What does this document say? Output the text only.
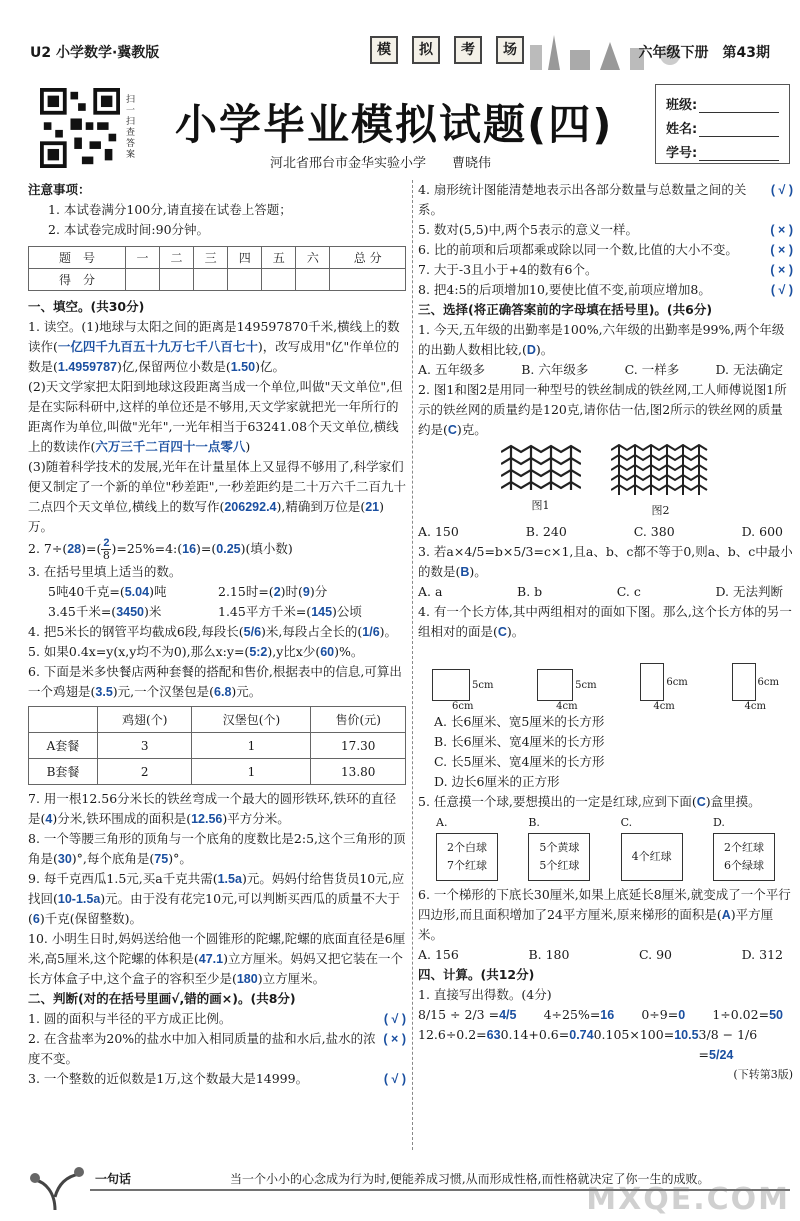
U2 小学数学·冀教版	模	拟	考	场	六年级下册　第43期
扫一扫 查答案
小学毕业模拟试题(四)
河北省邢台市金华实验小学　　曹晓伟
班级:
姓名:
学号:

注意事项：

1. 本试卷满分100分,请直接在试卷上答题；

2. 本试卷完成时间:90分钟。

题　号	一	二	三	四	五	六	总 分
得　分							

一、填空。(共30分)

1. 读空。(1)地球与太阳之间的距离是149597870千米,横线上的数读作(一亿四千九百五十九万七千八百七十)，改写成用"亿"作单位的数是(1.4959787)亿,保留两位小数是(1.50)亿。

(2)天文学家把太阳到地球这段距离当成一个单位,叫做"天文单位",但是在实际科研中,这样的单位还是不够用,天文学家就把光一年所行的距离作为单位,叫做"光年",一光年相当于63241.08个天文单位,横线上的数读作(六万三千二百四十一点零八)

(3)随着科学技术的发展,光年在计量星体上又显得不够用了,科学家们便又制定了一个新的单位"秒差距",一秒差距约是二十万六千二百九十二点四个天文单位,横线上的数写作(206292.4),精确到万位是(21)万。

2. $7\div(28)=( \frac{2}{8}$ )=25%=4:(16)=(0.25)(填小数)

3. 在括号里填上适当的数。

5吨40千克=(5.04)吨	2.15时=(2)时(9)分

3.45千米=(3450)米	1.45平方千米=(145)公顷

4. 把5米长的钢管平均截成6段,每段长(5/6)米,每段占全长的(1/6)。

5. 如果0.4x=y(x,y均不为0),那么x:y=(5:2),y比x少(60)%。

6. 下面是米多快餐店两种套餐的搭配和售价,根据表中的信息,可算出一个鸡翅是(3.5)元,一个汉堡包是(6.8)元。

	鸡翅(个)	汉堡包(个)	售价(元)
A套餐	3	1	17.30
B套餐	2	1	13.80

7. 用一根12.56分米长的铁丝弯成一个最大的圆形铁环,铁环的直径是(4)分米,铁环围成的面积是(12.56)平方分米。

8. 一个等腰三角形的顶角与一个底角的度数比是2:5,这个三角形的顶角是(30)°,每个底角是(75)°。

9. 每千克西瓜1.5元,买a千克共需(1.5a)元。妈妈付给售货员10元,应找回(10-1.5a)元。由于没有花完10元,可以判断买西瓜的质量不大于(6)千克(保留整数)。

10. 小明生日时,妈妈送给他一个圆锥形的陀螺,陀螺的底面直径是6厘米,高5厘米,这个陀螺的体积是(47.1)立方厘米。妈妈又把它装在一个长方体盒子中,这个盒子的容积至少是(180)立方厘米。

二、判断(对的在括号里画√,错的画×)。(共8分)

1. 圆的面积与半径的平方成正比例。	( √ )

2. 在含盐率为20%的盐水中加入相同质量的盐和水后,盐水的浓度不变。
( × )

3. 一个整数的近似数是1万,这个数最大是14999。	( √ )

4. 扇形统计图能清楚地表示出各部分数量与总数量之间的关系。
( √ )

5. 数对(5,5)中,两个5表示的意义一样。	( × )

6. 比的前项和后项都乘或除以同一个数,比值的大小不变。	( × )

7. 大于-3且小于+4的数有6个。	( × )

8. 把4:5的后项增加10,要使比值不变,前项应增加8。	( √ )

三、选择(将正确答案前的字母填在括号里)。(共6分)

1. 今天,五年级的出勤率是100%,六年级的出勤率是99%,两个年级的出勤人数相比较,(D)。

A. 五年级多	B. 六年级多	C. 一样多	D. 无法确定

2. 图1和图2是用同一种型号的铁丝制成的铁丝网,工人师傅说图1所示的铁丝网的质量约是120克,请你估一估,图2所示的铁丝网的质量约是(C)克。

图1	图2

A. 150	B. 240	C. 380	D. 600

3. 若a×4/5=b×5/3=c×1,且a、b、c都不等于0,则a、b、c中最小的数是(B)。

A. a	B. b	C. c	D. 无法判断

4. 有一个长方体,其中两组相对的面如下图。那么,这个长方体的另一组相对的面是(C)。

5cm
6cm
5cm
4cm
6cm
4cm
6cm
4cm

A. 长6厘米、宽5厘米的长方形

B. 长6厘米、宽4厘米的长方形

C. 长5厘米、宽4厘米的长方形

D. 边长6厘米的正方形

5. 任意摸一个球,要想摸出的一定是红球,应到下面(C)盒里摸。

A.
2个白球
7个红球
B.
5个黄球
5个红球
C.
4个红球
D.
2个红球
6个绿球

6. 一个梯形的下底长30厘米,如果上底延长8厘米,就变成了一个平行四边形,而且面积增加了24平方厘米,原来梯形的面积是(A)平方厘米。

A. 156	B. 180	C. 90	D. 312

四、计算。(共12分)

1. 直接写出得数。(4分)

8/15 ÷ 2/3 =4/5 4÷25%=16 0÷9=0 1÷0.02=50

12.6÷0.2=63 0.14+0.6=0.74 0.105×100=10.5 3/8 − 1/6 =5/24

(下转第3版)

一句话	当一个小小的心念成为行为时,便能养成习惯,从而形成性格,而性格就决定了你一生的成败。
MXQE.COM
